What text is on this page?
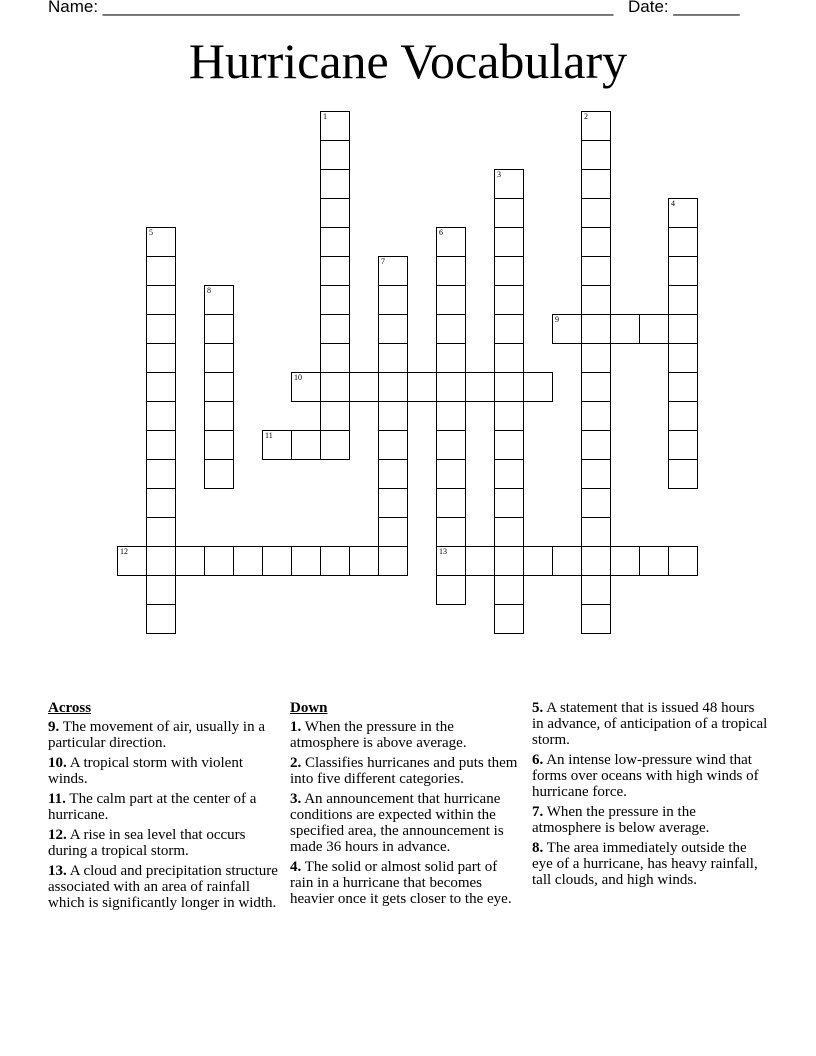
Name: ______________________________________________________ Date: _______
Hurricane Vocabulary
1	2
3
4
5	6
13
7
8
9
10
11
12
Across
9. The movement of air, usually in a particular direction.
10. A tropical storm with violent winds.
11. The calm part at the center of a hurricane.
12. A rise in sea level that occurs during a tropical storm.
13. A cloud and precipitation structure associated with an area of rainfall which is significantly longer in width.
Down
1. When the pressure in the atmosphere is above average.
2. Classifies hurricanes and puts them into five different categories.
3. An announcement that hurricane conditions are expected within the specified area, the announcement is made 36 hours in advance.
4. The solid or almost solid part of rain in a hurricane that becomes heavier once it gets closer to the eye.
5. A statement that is issued 48 hours in advance, of anticipation of a tropical storm.
6. An intense low-pressure wind that forms over oceans with high winds of hurricane force.
7. When the pressure in the atmosphere is below average.
8. The area immediately outside the eye of a hurricane, has heavy rainfall, tall clouds, and high winds.
